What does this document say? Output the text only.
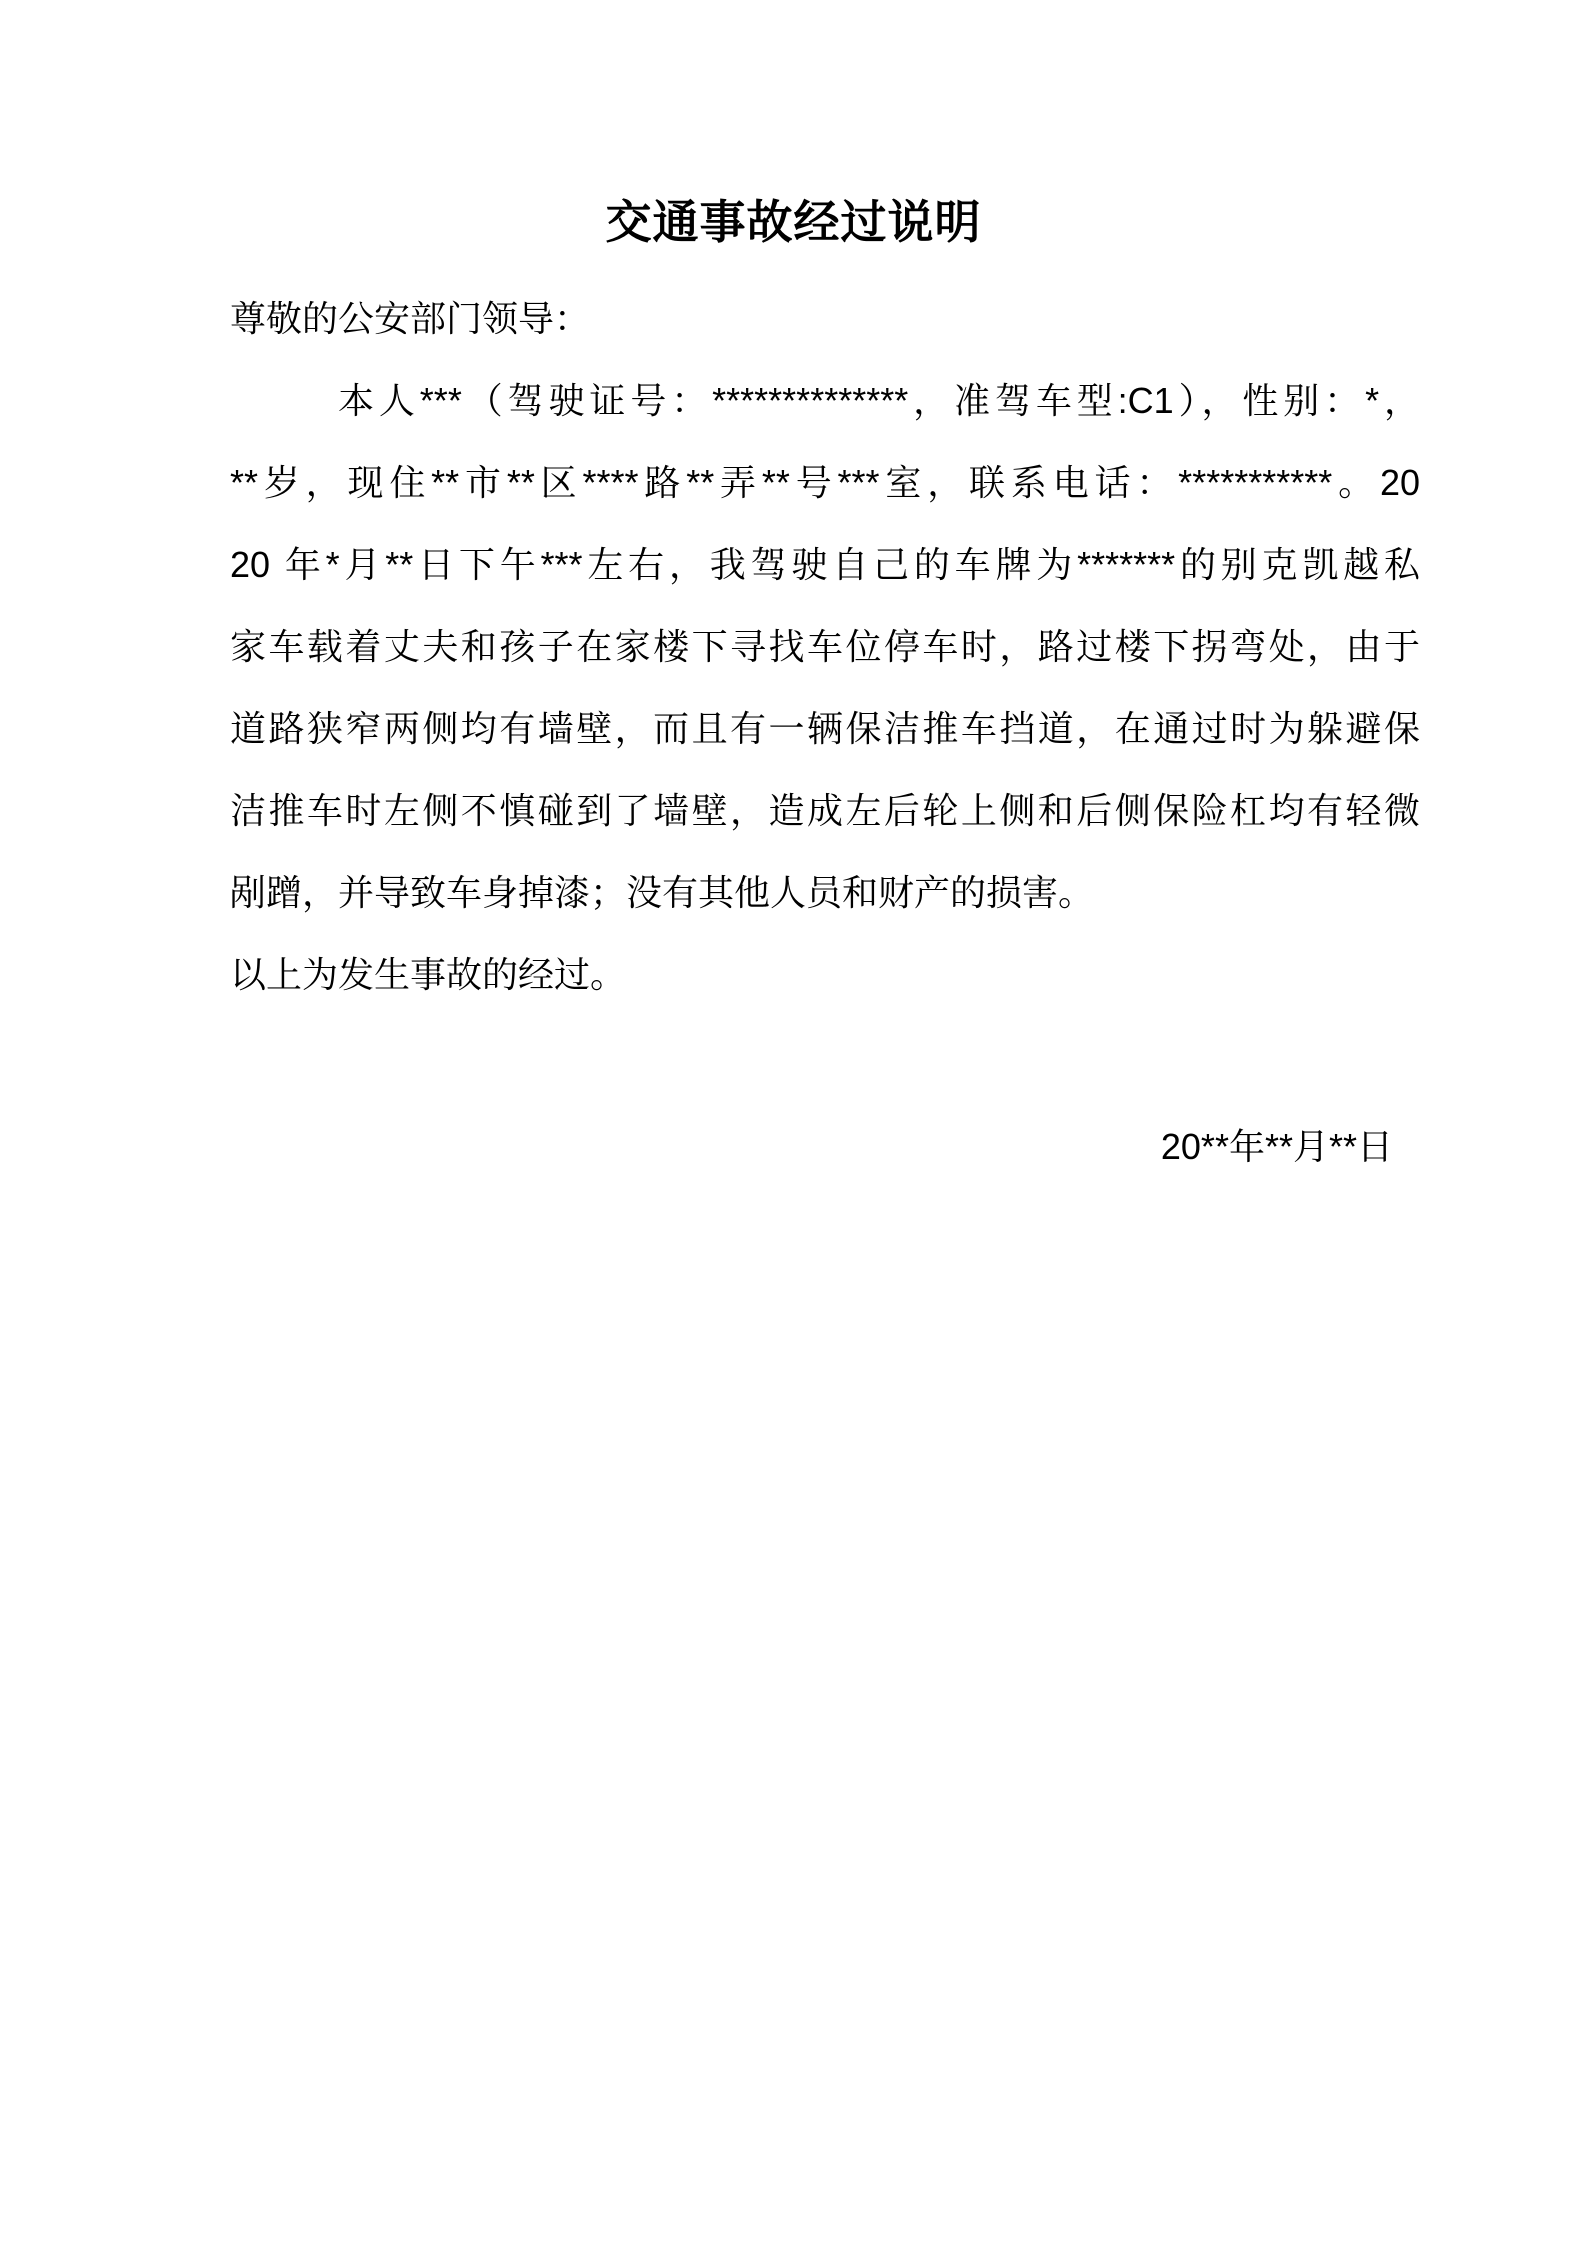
交通事故经过说明
尊敬的公安部门领导：
本人***（驾驶证号：**************，准驾车型:C1），性别：*，
**岁，现住**市**区****路**弄**号***室，联系电话：***********。20
20 年*月**日下午***左右，我驾驶自己的车牌为*******的别克凯越私
家车载着丈夫和孩子在家楼下寻找车位停车时，路过楼下拐弯处，由于
道路狭窄两侧均有墙壁，而且有一辆保洁推车挡道，在通过时为躲避保
洁推车时左侧不慎碰到了墙壁，造成左后轮上侧和后侧保险杠均有轻微
剐蹭，并导致车身掉漆；没有其他人员和财产的损害。
以上为发生事故的经过。
20**年**月**日
